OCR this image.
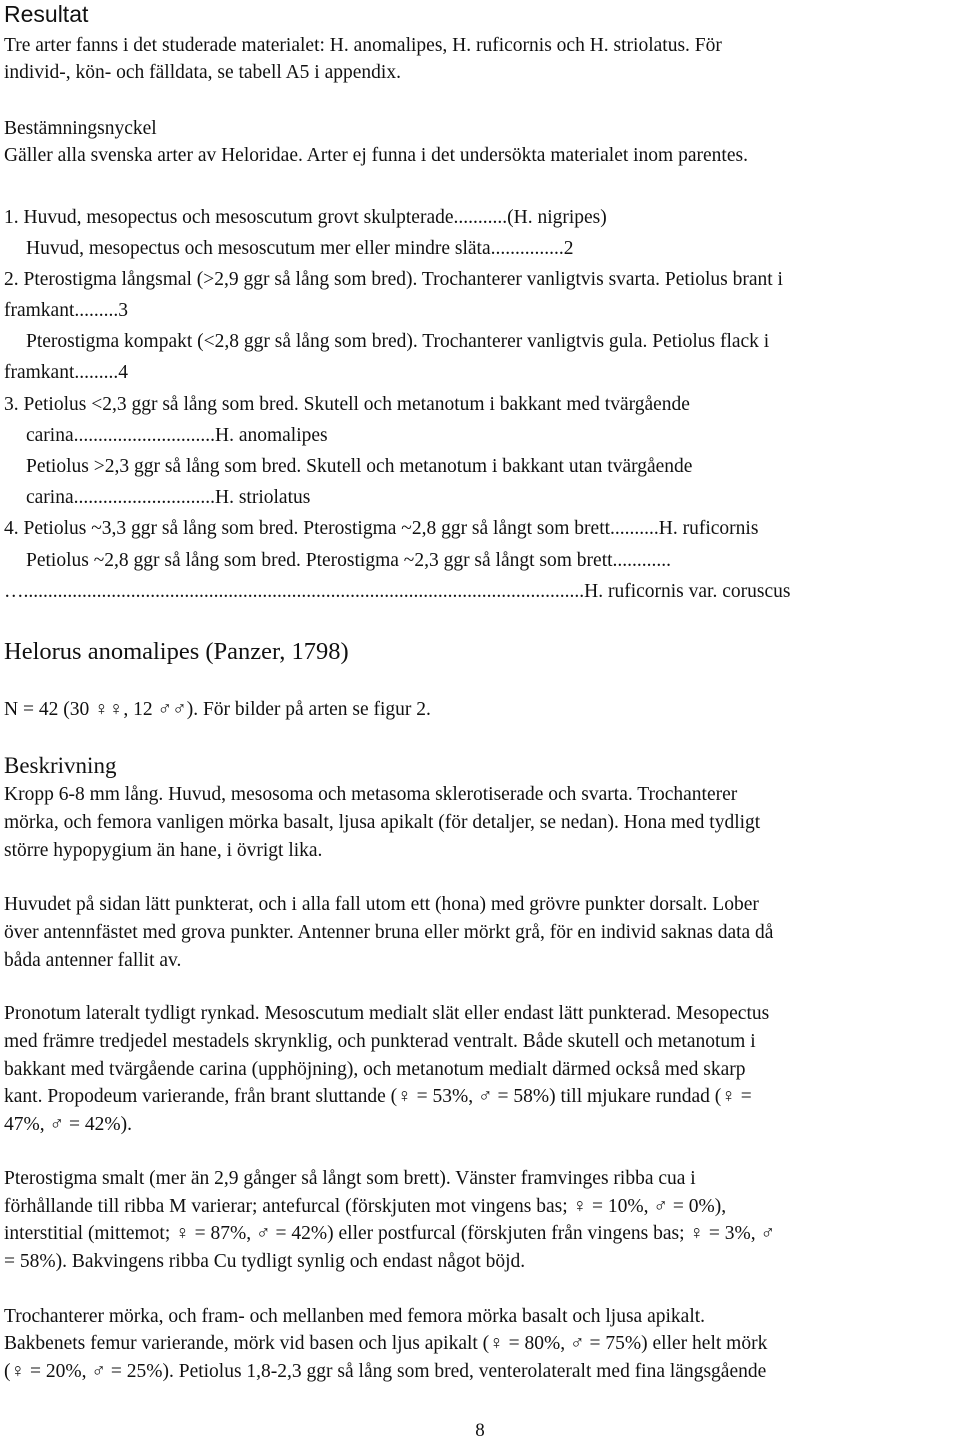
Resultat
Tre arter fanns i det studerade materialet: H. anomalipes, H. ruficornis och H. striolatus. För
individ-, kön- och fälldata, se tabell A5 i appendix.
Bestämningsnyckel
Gäller alla svenska arter av Heloridae. Arter ej funna i det undersökta materialet inom parentes.
1. Huvud, mesopectus och mesoscutum grovt skulpterade...........(H. nigripes)
Huvud, mesopectus och mesoscutum mer eller mindre släta...............2
2. Pterostigma långsmal (>2,9 ggr så lång som bred). Trochanterer vanligtvis svarta. Petiolus brant i
framkant.........3
Pterostigma kompakt (<2,8 ggr så lång som bred). Trochanterer vanligtvis gula. Petiolus flack i
framkant.........4
3. Petiolus <2,3 ggr så lång som bred. Skutell och metanotum i bakkant med tvärgående
carina.............................H. anomalipes
Petiolus >2,3 ggr så lång som bred. Skutell och metanotum i bakkant utan tvärgående
carina.............................H. striolatus
4. Petiolus ~3,3 ggr så lång som bred. Pterostigma ~2,8 ggr så långt som brett..........H. ruficornis
Petiolus ~2,8 ggr så lång som bred. Pterostigma ~2,3 ggr så långt som brett............
…...................................................................................................................H. ruficornis var. coruscus
Helorus anomalipes (Panzer, 1798)
N = 42 (30 ♀♀, 12 ♂♂). För bilder på arten se figur 2.
Beskrivning
Kropp 6-8 mm lång. Huvud, mesosoma och metasoma sklerotiserade och svarta. Trochanterer
mörka, och femora vanligen mörka basalt, ljusa apikalt (för detaljer, se nedan). Hona med tydligt
större hypopygium än hane, i övrigt lika.
Huvudet på sidan lätt punkterat, och i alla fall utom ett (hona) med grövre punkter dorsalt. Lober
över antennfästet med grova punkter. Antenner bruna eller mörkt grå, för en individ saknas data då
båda antenner fallit av.
Pronotum lateralt tydligt rynkad. Mesoscutum medialt slät eller endast lätt punkterad. Mesopectus
med främre tredjedel mestadels skrynklig, och punkterad ventralt. Både skutell och metanotum i
bakkant med tvärgående carina (upphöjning), och metanotum medialt därmed också med skarp
kant. Propodeum varierande, från brant sluttande (♀ = 53%, ♂ = 58%) till mjukare rundad (♀ =
47%, ♂ = 42%).
Pterostigma smalt (mer än 2,9 gånger så långt som brett). Vänster framvinges ribba cua i
förhållande till ribba M varierar; antefurcal (förskjuten mot vingens bas; ♀ = 10%, ♂ = 0%),
interstitial (mittemot; ♀ = 87%, ♂ = 42%) eller postfurcal (förskjuten från vingens bas; ♀ = 3%, ♂
= 58%). Bakvingens ribba Cu tydligt synlig och endast något böjd.
Trochanterer mörka, och fram- och mellanben med femora mörka basalt och ljusa apikalt.
Bakbenets femur varierande, mörk vid basen och ljus apikalt (♀ = 80%, ♂ = 75%) eller helt mörk
(♀ = 20%, ♂ = 25%). Petiolus 1,8-2,3 ggr så lång som bred, venterolateralt med fina längsgående
8
